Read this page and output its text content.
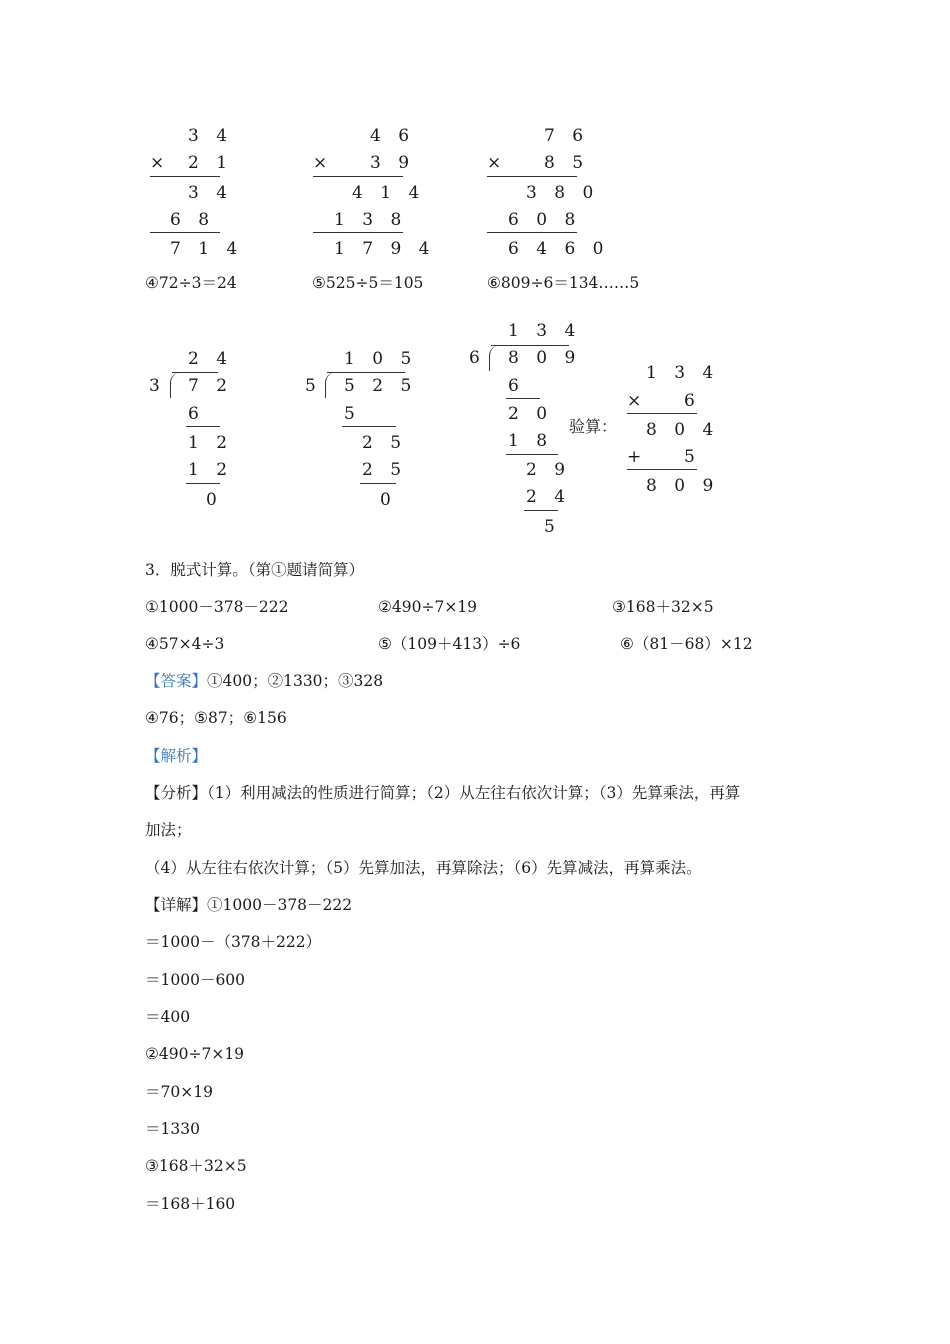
3 4
× 2 1
3 4
6 8
7 1 4
4 6
× 3 9
4 1 4
1 3 8
1 7 9 4
7 6
× 8 5
3 8 0
6 0 8
6 4 6 0
④72÷3＝24	⑤525÷5＝105	⑥809÷6＝134……5
2 4
3 7 2
6
1 2
1 2
0
1 0 5
5 5 2 5
5
2 5
2 5
0
1 3 4
6 8 0 9
6
2 0
1 8
2 9
2 4
5
验算：
1 3 4
× 6
8 0 4
+ 5
8 0 9
3．脱式计算。（第①题请简算）
①1000－378－222	②490÷7×19	③168＋32×5
④57×4÷3	⑤（109＋413）÷6	⑥（81－68）×12
【答案】①400；②1330；③328
④76；⑤87；⑥156
【解析】
【分析】（1）利用减法的性质进行简算；（2）从左往右依次计算；（3）先算乘法，再算
加法；
（4）从左往右依次计算；（5）先算加法，再算除法；（6）先算减法，再算乘法。
【详解】①1000－378－222
＝1000－（378＋222）
＝1000－600
＝400
②490÷7×19
＝70×19
＝1330
③168＋32×5
＝168＋160
